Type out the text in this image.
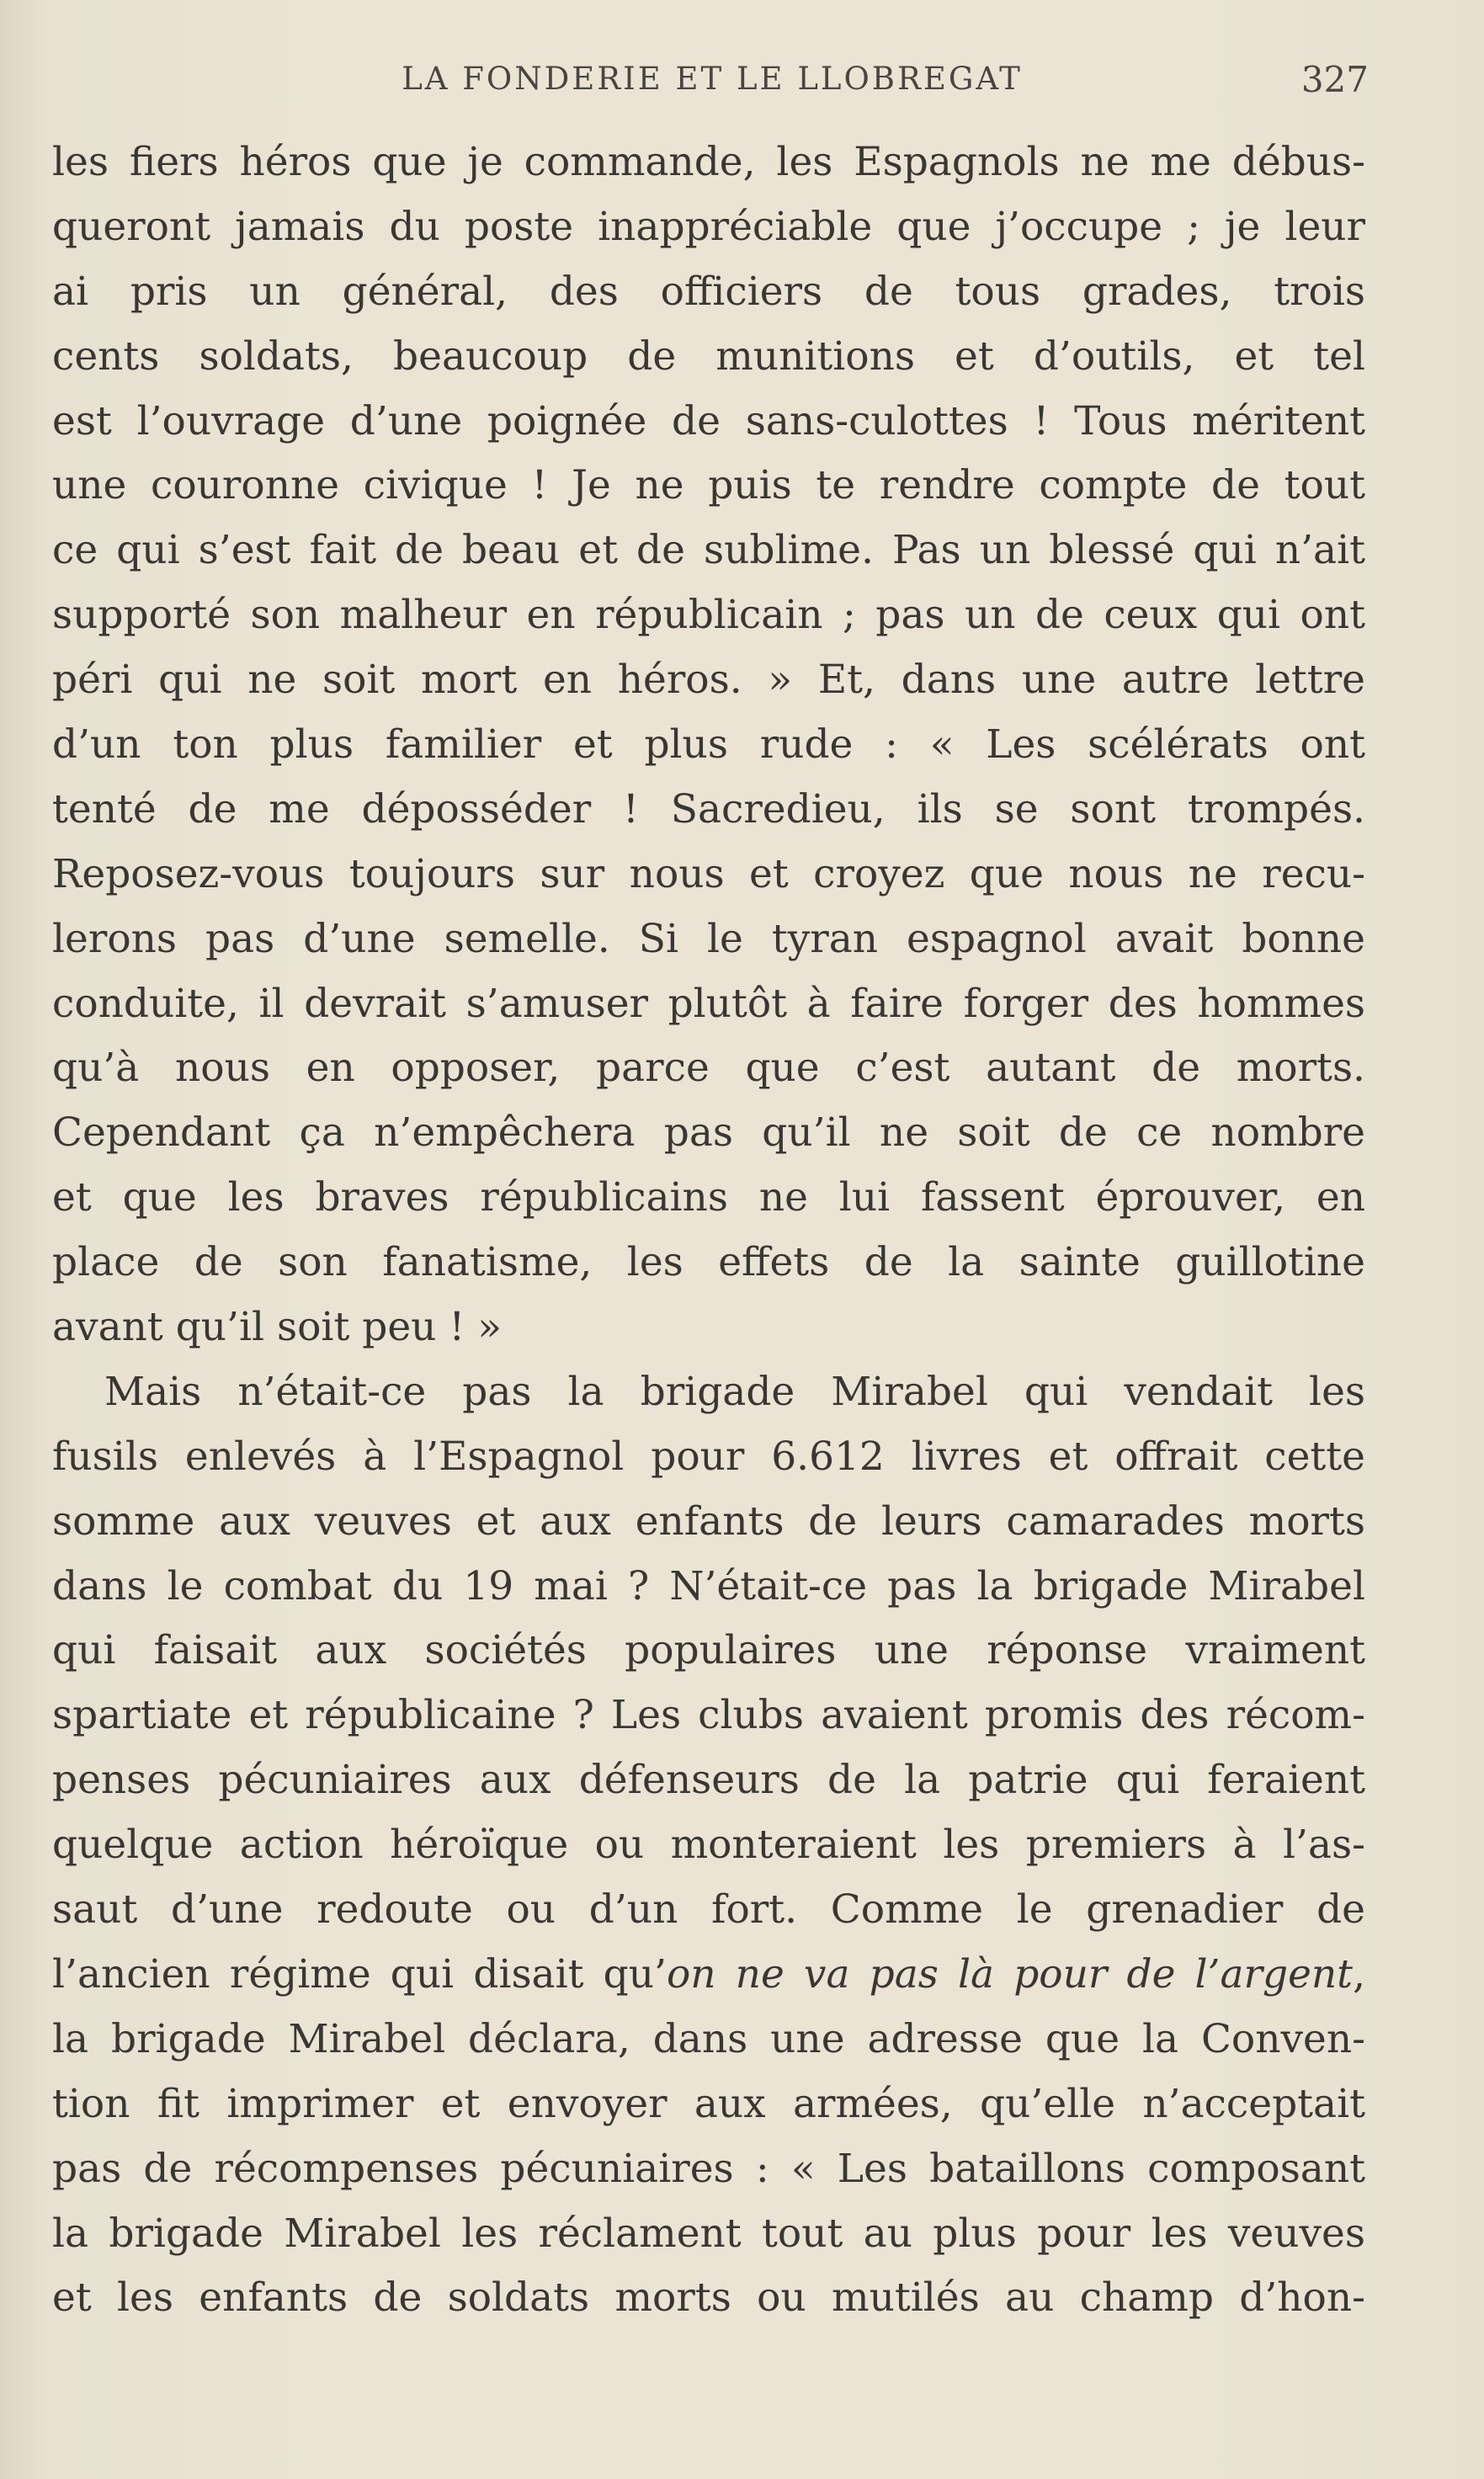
LA FONDERIE ET LE LLOBREGAT	327
les fiers héros que je commande, les Espagnols ne me débus-
queront jamais du poste inappréciable que j’occupe ; je leur
ai pris un général, des officiers de tous grades, trois
cents soldats, beaucoup de munitions et d’outils, et tel
est l’ouvrage d’une poignée de sans-culottes ! Tous méritent
une couronne civique ! Je ne puis te rendre compte de tout
ce qui s’est fait de beau et de sublime. Pas un blessé qui n’ait
supporté son malheur en républicain ; pas un de ceux qui ont
péri qui ne soit mort en héros. » Et, dans une autre lettre
d’un ton plus familier et plus rude : « Les scélérats ont
tenté de me déposséder ! Sacredieu, ils se sont trompés.
Reposez-vous toujours sur nous et croyez que nous ne recu-
lerons pas d’une semelle. Si le tyran espagnol avait bonne
conduite, il devrait s’amuser plutôt à faire forger des hommes
qu’à nous en opposer, parce que c’est autant de morts.
Cependant ça n’empêchera pas qu’il ne soit de ce nombre
et que les braves républicains ne lui fassent éprouver, en
place de son fanatisme, les effets de la sainte guillotine
avant qu’il soit peu ! »
Mais n’était-ce pas la brigade Mirabel qui vendait les
fusils enlevés à l’Espagnol pour 6.612 livres et offrait cette
somme aux veuves et aux enfants de leurs camarades morts
dans le combat du 19 mai ? N’était-ce pas la brigade Mirabel
qui faisait aux sociétés populaires une réponse vraiment
spartiate et républicaine ? Les clubs avaient promis des récom-
penses pécuniaires aux défenseurs de la patrie qui feraient
quelque action héroïque ou monteraient les premiers à l’as-
saut d’une redoute ou d’un fort. Comme le grenadier de
l’ancien régime qui disait qu’on ne va pas là pour de l’argent,
la brigade Mirabel déclara, dans une adresse que la Conven-
tion fit imprimer et envoyer aux armées, qu’elle n’acceptait
pas de récompenses pécuniaires : « Les bataillons composant
la brigade Mirabel les réclament tout au plus pour les veuves
et les enfants de soldats morts ou mutilés au champ d’hon-
